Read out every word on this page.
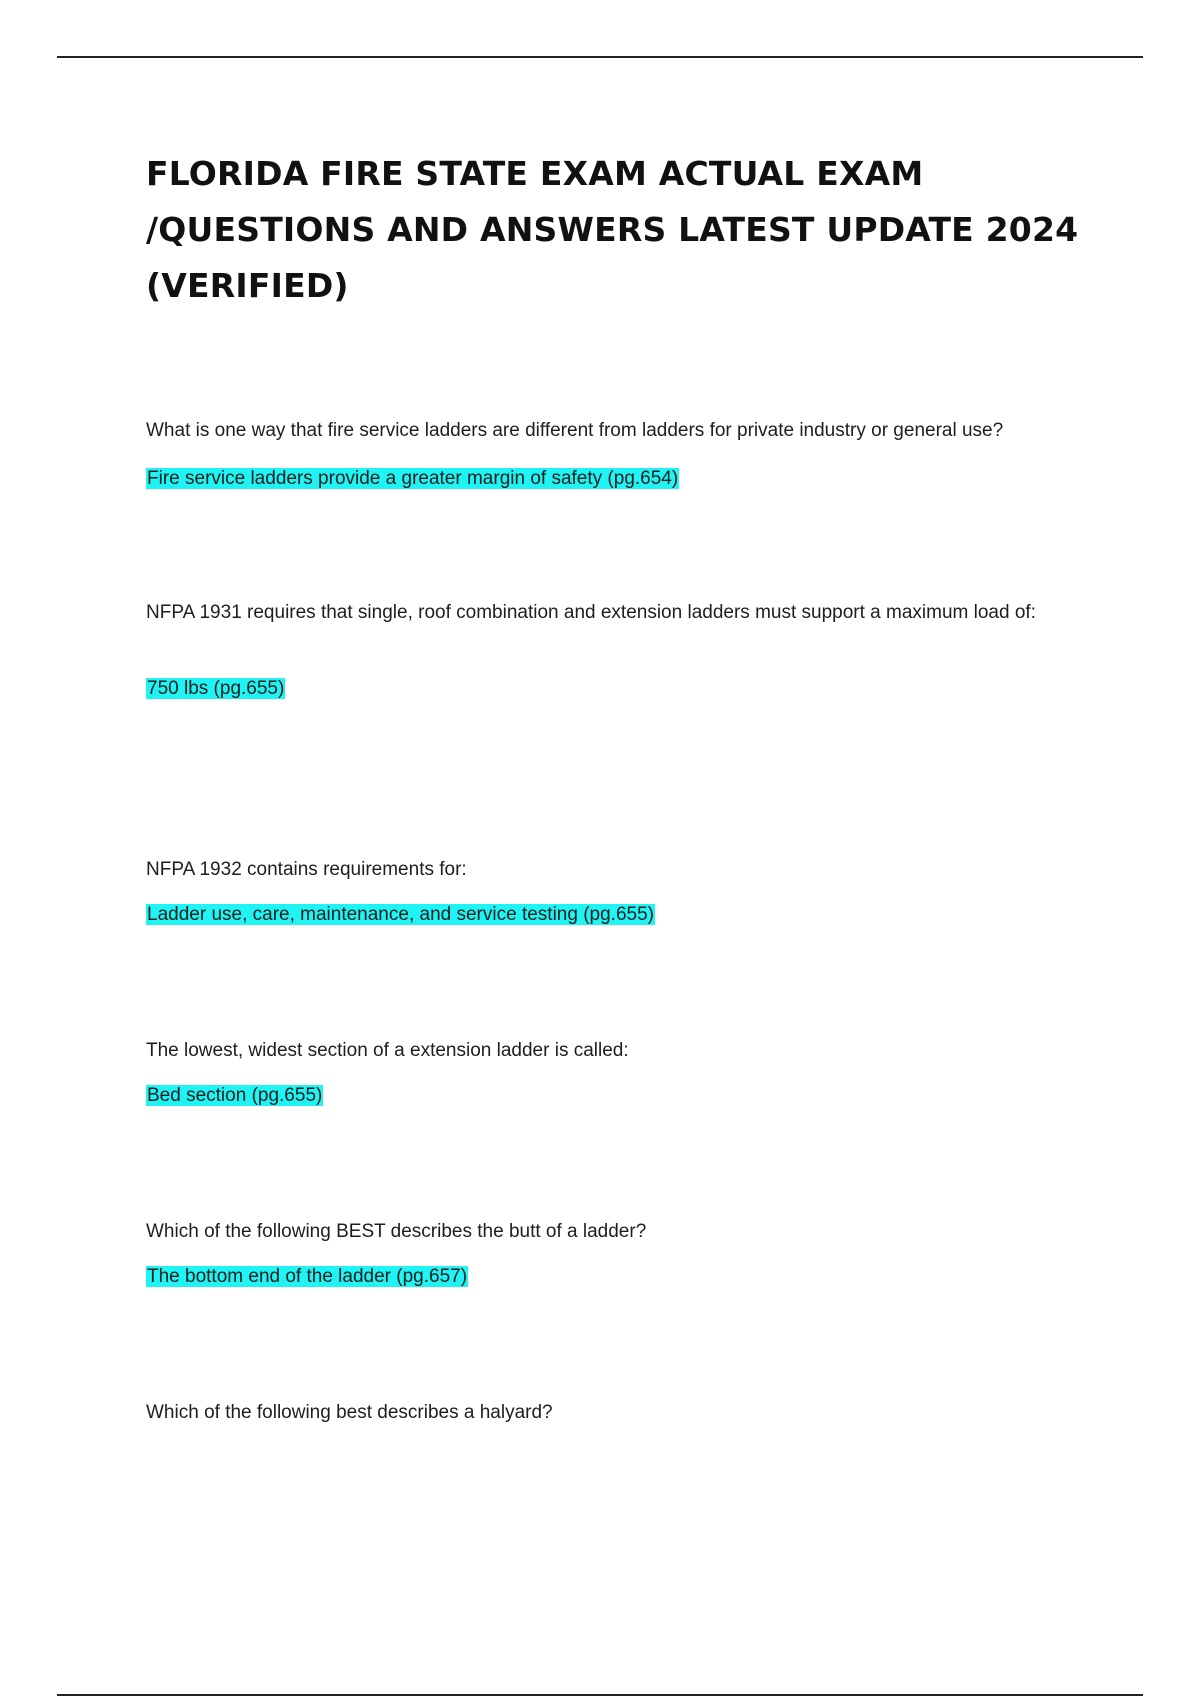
FLORIDA FIRE STATE EXAM ACTUAL EXAM /QUESTIONS AND ANSWERS LATEST UPDATE 2024 (VERIFIED)

What is one way that fire service ladders are different from ladders for private industry or general use?

Fire service ladders provide a greater margin of safety (pg.654)

NFPA 1931 requires that single, roof combination and extension ladders must support a maximum load of:

750 lbs (pg.655)

NFPA 1932 contains requirements for:

Ladder use, care, maintenance, and service testing (pg.655)

The lowest, widest section of a extension ladder is called:

Bed section (pg.655)

Which of the following BEST describes the butt of a ladder?

The bottom end of the ladder (pg.657)

Which of the following best describes a halyard?
